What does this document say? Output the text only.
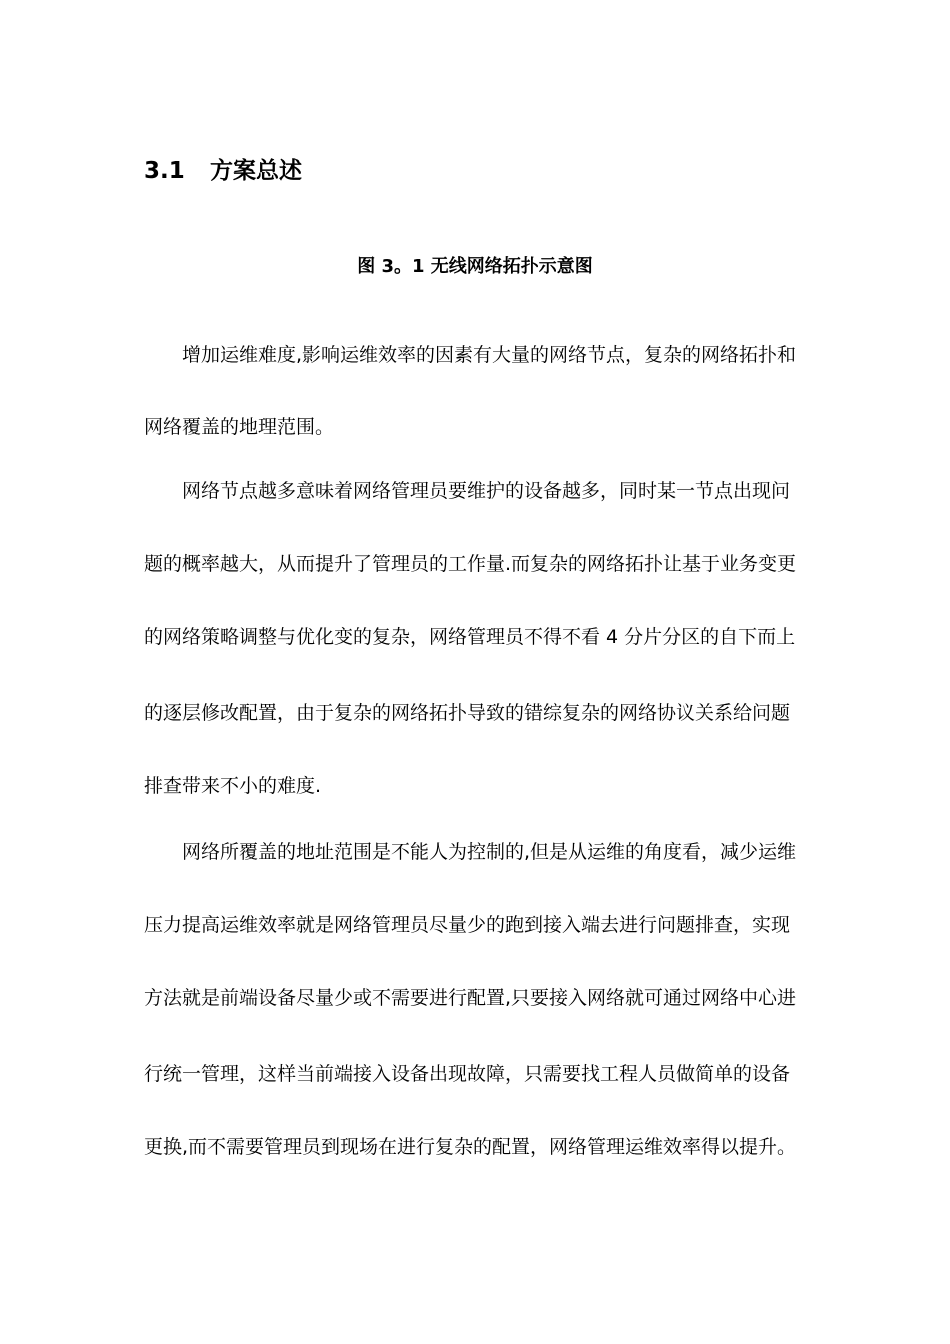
3.1 方案总述
图 3。1 无线网络拓扑示意图
增加运维难度,影响运维效率的因素有大量的网络节点，复杂的网络拓扑和
网络覆盖的地理范围。
网络节点越多意味着网络管理员要维护的设备越多，同时某一节点出现问
题的概率越大，从而提升了管理员的工作量.而复杂的网络拓扑让基于业务变更
的网络策略调整与优化变的复杂，网络管理员不得不看 4 分片分区的自下而上
的逐层修改配置，由于复杂的网络拓扑导致的错综复杂的网络协议关系给问题
排查带来不小的难度.
网络所覆盖的地址范围是不能人为控制的,但是从运维的角度看，减少运维
压力提高运维效率就是网络管理员尽量少的跑到接入端去进行问题排查，实现
方法就是前端设备尽量少或不需要进行配置,只要接入网络就可通过网络中心进
行统一管理，这样当前端接入设备出现故障，只需要找工程人员做简单的设备
更换,而不需要管理员到现场在进行复杂的配置，网络管理运维效率得以提升。
